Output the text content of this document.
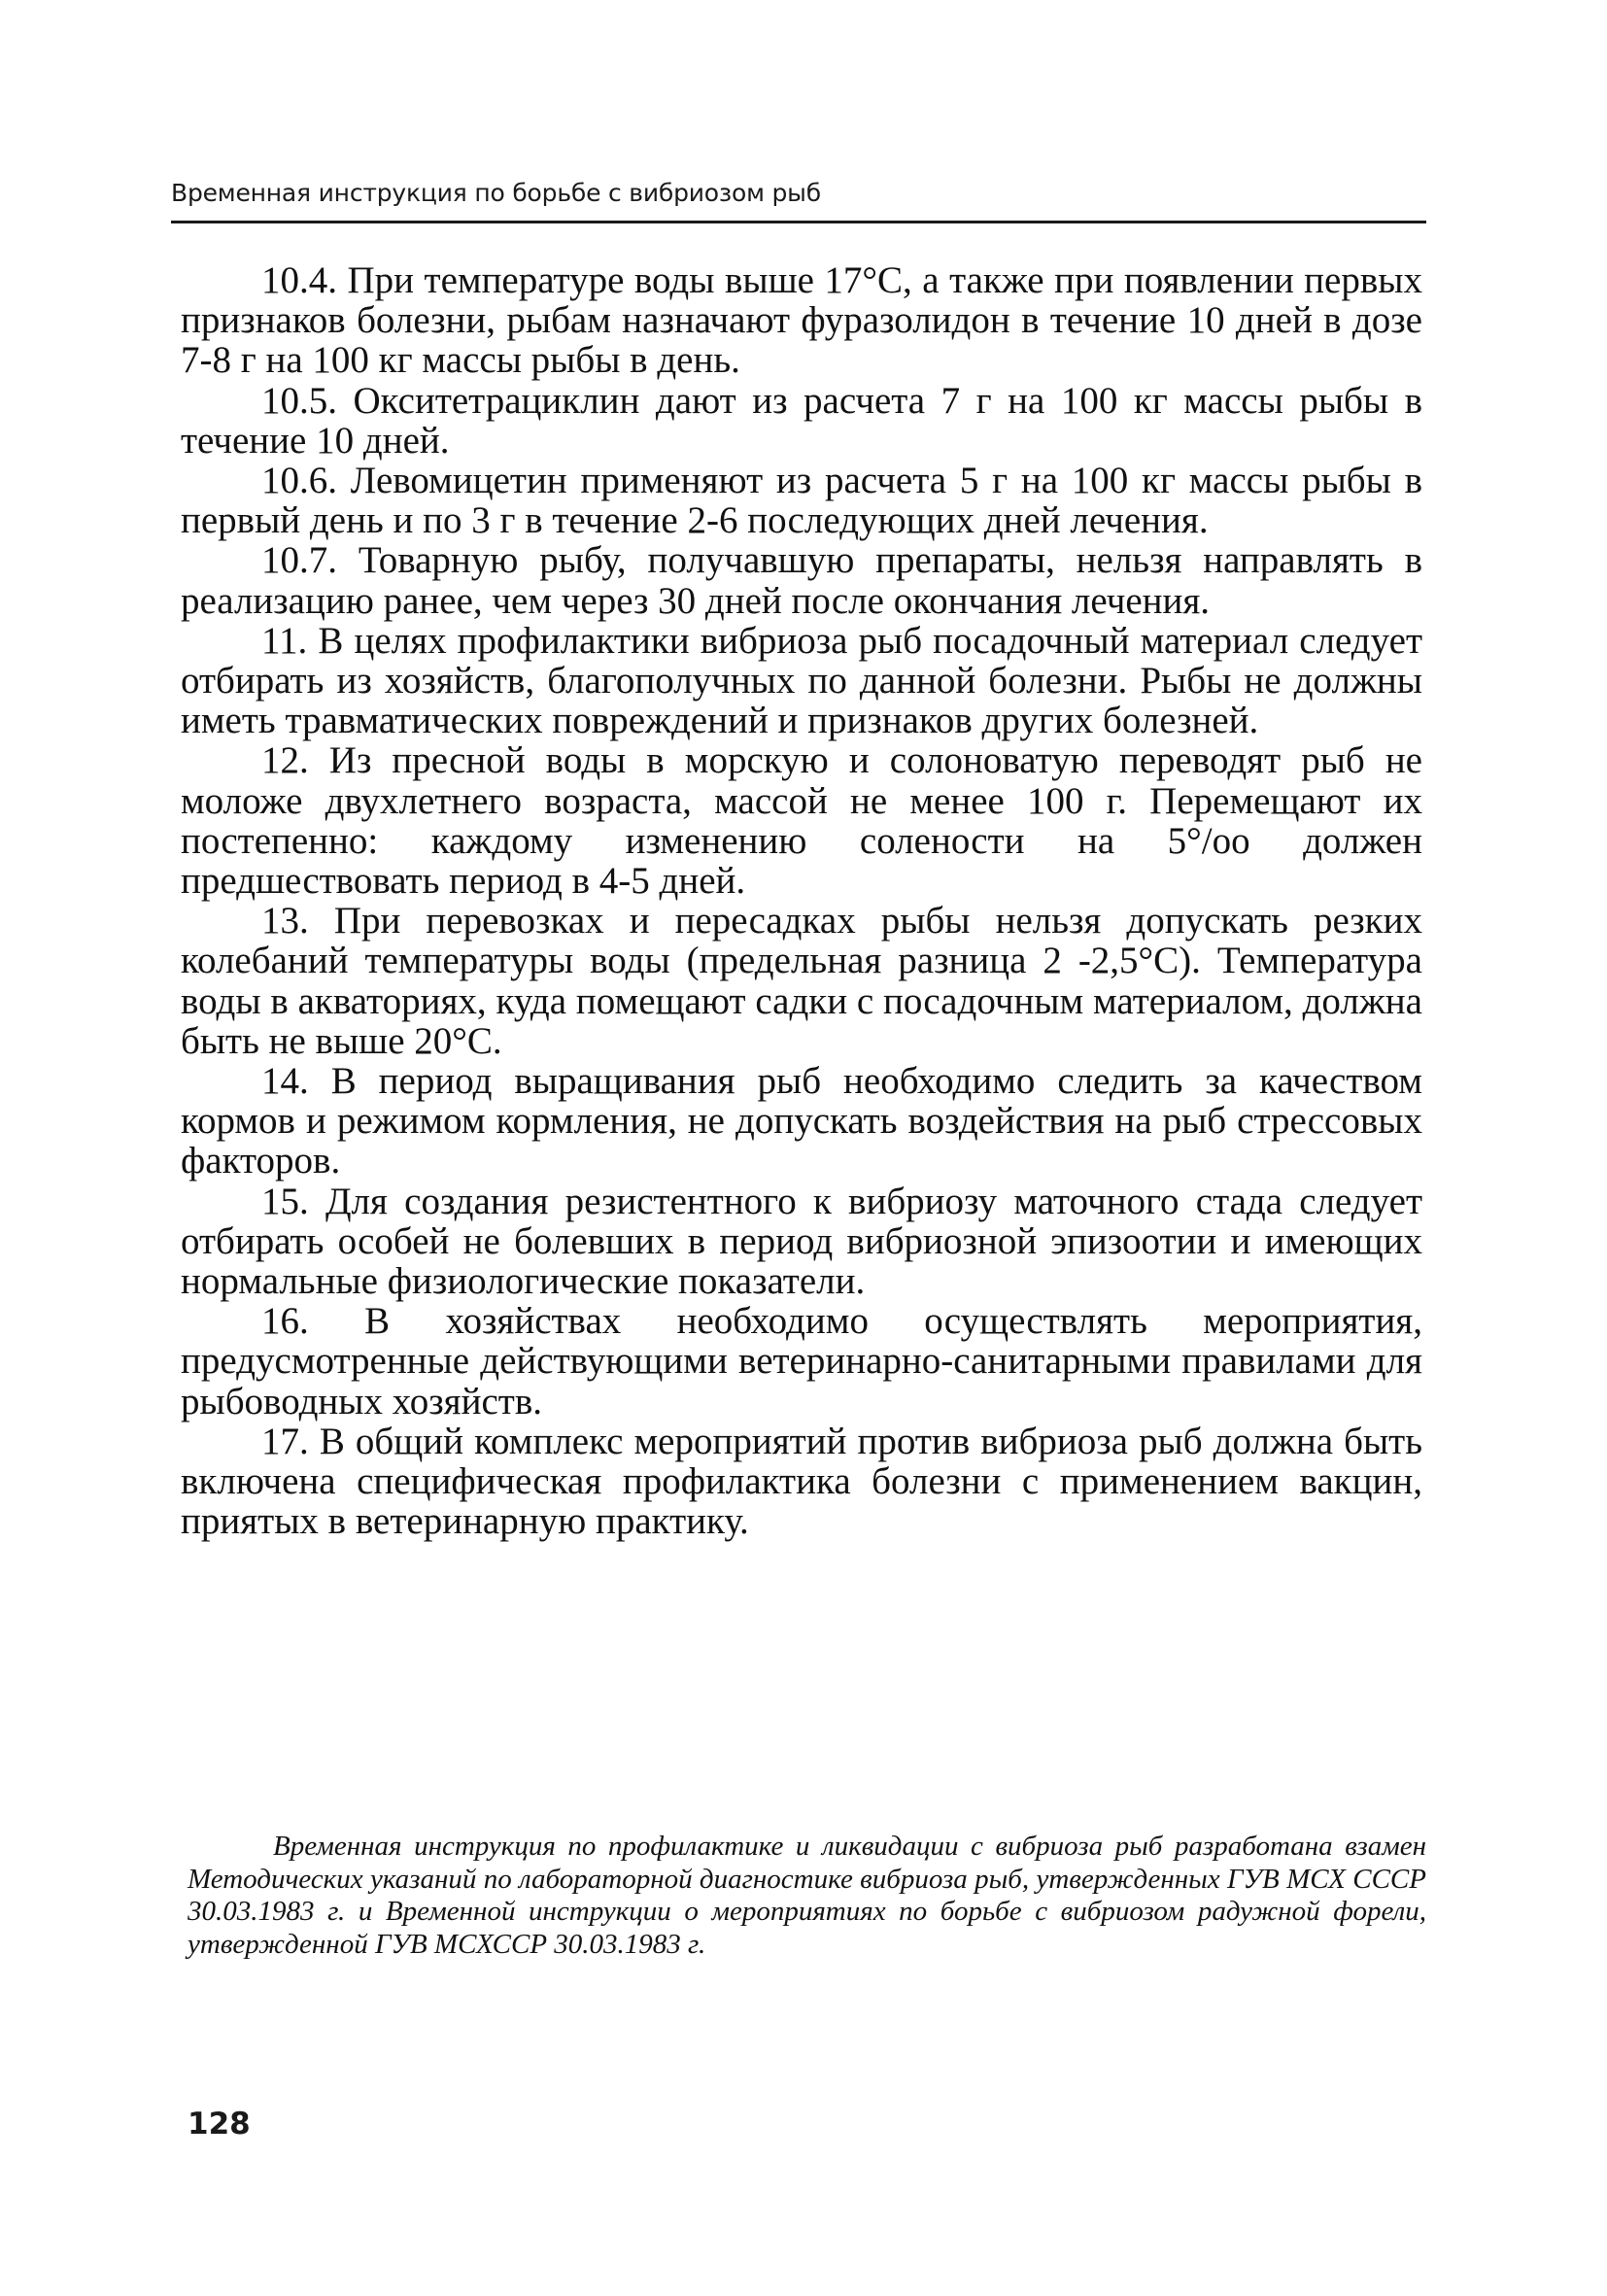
Временная инструкция по борьбе с вибриозом рыб

10.4. При температуре воды выше 17°С, а также при появлении первых признаков болезни, рыбам назначают фуразолидон в течение 10 дней в дозе 7-8 г на 100 кг массы рыбы в день.

10.5. Окситетрациклин дают из расчета 7 г на 100 кг массы рыбы в течение 10 дней.

10.6. Левомицетин применяют из расчета 5 г на 100 кг массы рыбы в первый день и по 3 г в течение 2-6 последующих дней лечения.

10.7. Товарную рыбу, получавшую препараты, нельзя направлять в реализацию ранее, чем через 30 дней после окончания лечения.

11. В целях профилактики вибриоза рыб посадочный материал следует отбирать из хозяйств, благополучных по данной болезни. Рыбы не должны иметь травматических повреждений и признаков других болезней.

12. Из пресной воды в морскую и солоноватую переводят рыб не моложе двухлетнего возраста, массой не менее 100 г. Перемещают их постепенно: каждому изменению солености на 5°/оо должен предшествовать период в 4-5 дней.

13. При перевозках и пересадках рыбы нельзя допускать резких колебаний температуры воды (предельная разница 2 -2,5°С). Температура воды в акваториях, куда помещают садки с посадочным материалом, должна быть не выше 20°С.

14. В период выращивания рыб необходимо следить за качеством кормов и режимом кормления, не допускать воздействия на рыб стрессовых факторов.

15. Для создания резистентного к вибриозу маточного стада следует отбирать особей не болевших в период вибриозной эпизоотии и имеющих нормальные физиологические показатели.

16. В хозяйствах необходимо осуществлять мероприятия, предусмотренные действующими ветеринарно-санитарными правилами для рыбоводных хозяйств.

17. В общий комплекс мероприятий против вибриоза рыб должна быть включена специфическая профилактика болезни с применением вакцин, приятых в ветеринарную практику.

Временная инструкция по профилактике и ликвидации с вибриоза рыб разработана взамен Методических указаний по лабораторной диагностике вибриоза рыб, утвержденных ГУВ МСХ СССР 30.03.1983 г. и Временной инструкции о мероприятиях по борьбе с вибриозом радужной форели, утвержденной ГУВ МСХССР 30.03.1983 г.

128
